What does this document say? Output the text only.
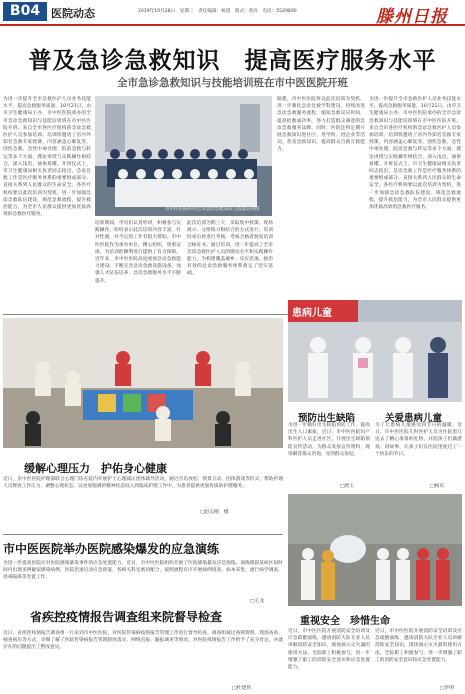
B04 医院动态	2019年10月28日　星期三　责任编辑：杨澄　版式：黄亮　电话：5529800	滕州日报
普及急诊急救知识　提高医疗服务水平
全市急诊急救知识与技能培训班在市中医医院开班
为进一步提升全市急救医护人员业务技能水平，提高急救服务质量，10月21日，由市卫生健康局主办、市中医医院承办的全市急诊急救知识与技能培训班在市中医医院开班。来自全市各医疗机构的急诊急救医护人员参加培训。培训班邀请了省内外知名急救专家授课，内容涵盖心肺复苏、创伤急救、急性中毒处理、院前急救与转运等多个方面，理论讲授与实践操作相结合，深入浅出，通俗易懂。开班仪式上，市卫生健康局相关负责同志指出，急诊急救工作是医疗服务体系的重要组成部分，直接关系到人民群众的生命安全。各医疗机构要以此次培训为契机，进一步加强急诊急救队伍建设，规范急救流程，提升救治能力，为全市人民群众提供更加优质高效的急救医疗服务。
市中医医院举办全市急诊急救知识与技能培训班
培训期间，学员们认真听讲，积极参与实践操作，纷纷表示此次培训内容丰富、针对性强，对今后的工作有很大帮助。市中医医院作为承办单位，精心组织，周密安排，为培训的顺利进行提供了有力保障。近年来，市中医医院高度重视急诊急救能力建设，不断完善急诊急救设施设备，加强人才队伍培养，急诊急救服务水平不断提升。
此次培训为期三天，采取集中授课、现场演示、分组练习相结合的方式进行。培训结束后将进行考核，考核合格者颁发培训合格证书。通过培训，进一步提高了全市急诊急救医护人员的理论水平和实践操作能力，为构建覆盖城乡、反应迅速、救治有效的急诊急救服务体系奠定了坚实基础。
据悉，市中医医院将以此次培训为契机，进一步强化急诊急救学科建设，持续改进急诊急救服务流程，缩短急救反应时间，提高抢救成功率，努力打造群众满意的急诊急救服务品牌。同时，医院还将定期开展急救知识进社区、进学校、进企业等活动，普及急救知识，提高群众自救互救能力。
为进一步提升全市急救医护人员业务技能水平，提高急救服务质量，10月21日，由市卫生健康局主办、市中医医院承办的全市急诊急救知识与技能培训班在市中医医院开班。来自全市各医疗机构的急诊急救医护人员参加培训。培训班邀请了省内外知名急救专家授课，内容涵盖心肺复苏、创伤急救、急性中毒处理、院前急救与转运等多个方面，理论讲授与实践操作相结合，深入浅出，通俗易懂。开班仪式上，市卫生健康局相关负责同志指出，急诊急救工作是医疗服务体系的重要组成部分，直接关系到人民群众的生命安全。各医疗机构要以此次培训为契机，进一步加强急诊急救队伍建设，规范急救流程，提升救治能力，为全市人民群众提供更加优质高效的急救医疗服务。
缓解心理压力　护佑身心健康
近日，市中医医院护理部联合心理门诊在院内开展护士心理减压团体辅导活动，通过音乐放松、情景互动、团体游戏等形式，帮助护理人员释放工作压力，调整心理状态，以更加饱满的精神状态投入到临床护理工作中，为患者提供更加优质的护理服务。
□赵志刚　摄
患病儿童
预防出生缺陷
为进一步做好出生缺陷预防工作，提高出生人口素质，近日，市中医医院妇产科医护人员走进社区，开展出生缺陷预防宣传活动，为群众发放宣传资料，现场解答群众咨询，受到群众欢迎。
□贾玉
关爱患病儿童
为了让患病儿童感受到节日的温暖，近日，市中医医院儿科医护人员为住院患儿送去了精心准备的礼物，并陪孩子们做游戏、讲故事，让孩子们在医院里度过了一个快乐的节日。
□杨军
市中医医院举办医院感染爆发的应急演练
为进一步提高医院应对医院感染暴发事件的应急处置能力，近日，市中医医院组织开展了医院感染暴发应急演练。演练模拟某病区短时间内出现多例疑似感染病例，医院迅速启动应急预案，各相关科室密切配合，按照流程有序开展病例排查、标本采集、流行病学调查、消毒隔离等处置工作。
□王龙
省疾控疫情报告调查组来院督导检查
近日，省疾控疫情报告调查组一行来到市中医医院，对医院传染病疫情报告管理工作进行督导检查。调查组通过查阅资料、现场查看、抽查病历等方式，详细了解了医院传染病报告管理制度落实、网络直报、漏报调查等情况，对医院疫情报告工作给予了充分肯定，并就存在的问题提出了整改意见。
□杜建伟
重视安全　珍惜生命
近日，市中医医院开展消防安全培训及应急疏散演练，邀请消防大队专业人员讲解消防安全知识，现场演示灭火器的使用方法，全院职工积极参与，进一步增强了职工的消防安全意识和应急处置能力。
近日，市中医医院开展消防安全培训及应急疏散演练，邀请消防大队专业人员讲解消防安全知识，现场演示灭火器的使用方法，全院职工积极参与，进一步增强了职工的消防安全意识和应急处置能力。
□李明
